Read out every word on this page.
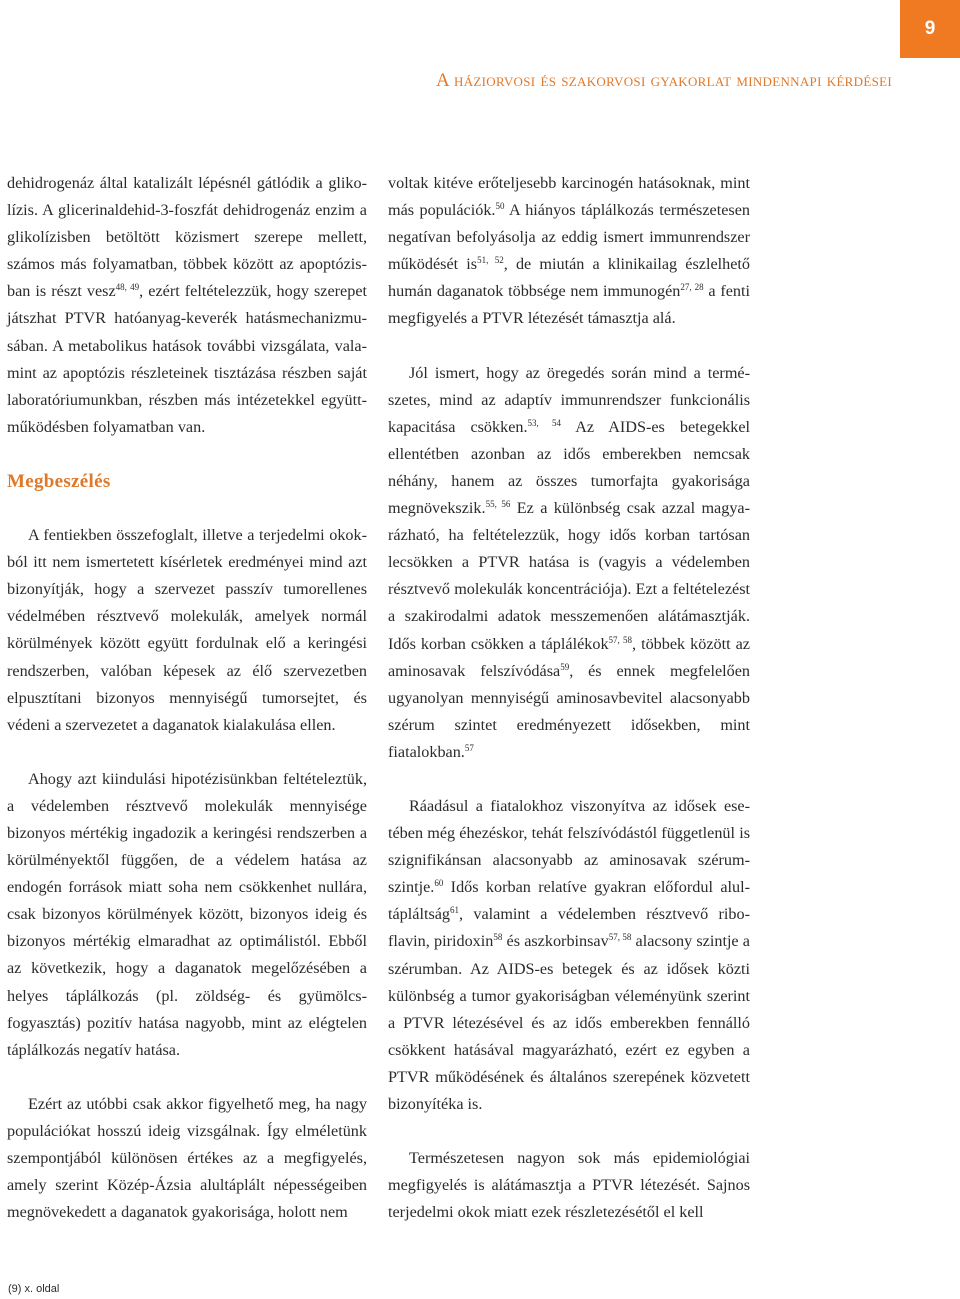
9
A háziorvosi és szakorvosi gyakorlat mindennapi kérdései

dehidrogenáz által katalizált lépésnél gátlódik a glikolízis. A glicerinaldehid-3-foszfát dehidrogenáz enzim a glikolízisben betöltött közismert szerepe mellett, számos más folyamatban, többek között az apoptózisban is részt vesz$^{48, 49}$, ezért feltételezzük, hogy szerepet játszhat PTVR hatóanyag-keverék hatásmechanizmusában. A metabolikus hatások további vizsgálata, valamint az apoptózis részleteinek tisztázása részben saját laboratóriumunkban, részben más intézetekkel együttműködésben folyamatban van.

Megbeszélés

A fentiekben összefoglalt, illetve a terjedelmi okokból itt nem ismertetett kísérletek eredményei mind azt bizonyítják, hogy a szervezet passzív tumorellenes védelmében résztvevő molekulák, amelyek normál körülmények között együtt fordulnak elő a keringési rendszerben, valóban képesek az élő szervezetben elpusztítani bizonyos mennyiségű tumorsejtet, és védeni a szervezetet a daganatok kialakulása ellen.

Ahogy azt kiindulási hipotézisünkban feltételeztük, a védelemben résztvevő molekulák mennyisége bizonyos mértékig ingadozik a keringési rendszerben a körülményektől függően, de a védelem hatása az endogén források miatt soha nem csökkenhet nullára, csak bizonyos körülmények között, bizonyos ideig és bizonyos mértékig elmaradhat az optimálistól. Ebből az következik, hogy a daganatok megelőzésében a helyes táplálkozás (pl. zöldség- és gyümölcsfogyasztás) pozitív hatása nagyobb, mint az elégtelen táplálkozás negatív hatása.

Ezért az utóbbi csak akkor figyelhető meg, ha nagy populációkat hosszú ideig vizsgálnak. Így elméletünk szempontjából különösen értékes az a megfigyelés, amely szerint Közép-Ázsia alultáplált népességeiben megnövekedett a daganatok gyakorisága, holott nem

voltak kitéve erőteljesebb karcinogén hatásoknak, mint más populációk.$^{50}$ A hiányos táplálkozás természetesen negatívan befolyásolja az eddig ismert immunrendszer működését is$^{51, 52}$, de miután a klinikailag észlelhető humán daganatok többsége nem immunogén$^{27, 28}$ a fenti megfigyelés a PTVR létezését támasztja alá.

Jól ismert, hogy az öregedés során mind a természetes, mind az adaptív immunrendszer funkcionális kapacitása csökken.$^{53, 54}$ Az AIDS-es betegekkel ellentétben azonban az idős emberekben nemcsak néhány, hanem az összes tumorfajta gyakorisága megnövekszik.$^{55, 56}$ Ez a különbség csak azzal magyarázható, ha feltételezzük, hogy idős korban tartósan lecsökken a PTVR hatása is (vagyis a védelemben résztvevő molekulák koncentrációja). Ezt a feltételezést a szakirodalmi adatok messzemenően alátámasztják. Idős korban csökken a táplálékok$^{57, 58}$, többek között az aminosavak felszívódása$^{59}$, és ennek megfelelően ugyanolyan mennyiségű aminosavbevitel alacsonyabb szérum szintet eredményezett idősekben, mint fiatalokban.$^{57}$

Ráadásul a fiatalokhoz viszonyítva az idősek esetében még éhezéskor, tehát felszívódástól függetlenül is szignifikánsan alacsonyabb az aminosavak szérumszintje.$^{60}$ Idős korban relatíve gyakran előfordul alultápláltság$^{61}$, valamint a védelemben résztvevő riboflavin, piridoxin$^{58}$ és aszkorbinsav$^{57, 58}$ alacsony szintje a szérumban. Az AIDS-es betegek és az idősek közti különbség a tumor gyakoriságban véleményünk szerint a PTVR létezésével és az idős emberekben fennálló csökkent hatásával magyarázható, ezért ez egyben a PTVR működésének és általános szerepének közvetett bizonyítéka is.

Természetesen nagyon sok más epidemiológiai megfigyelés is alátámasztja a PTVR létezését. Sajnos terjedelmi okok miatt ezek részletezésétől el kell

(9) x. oldal
